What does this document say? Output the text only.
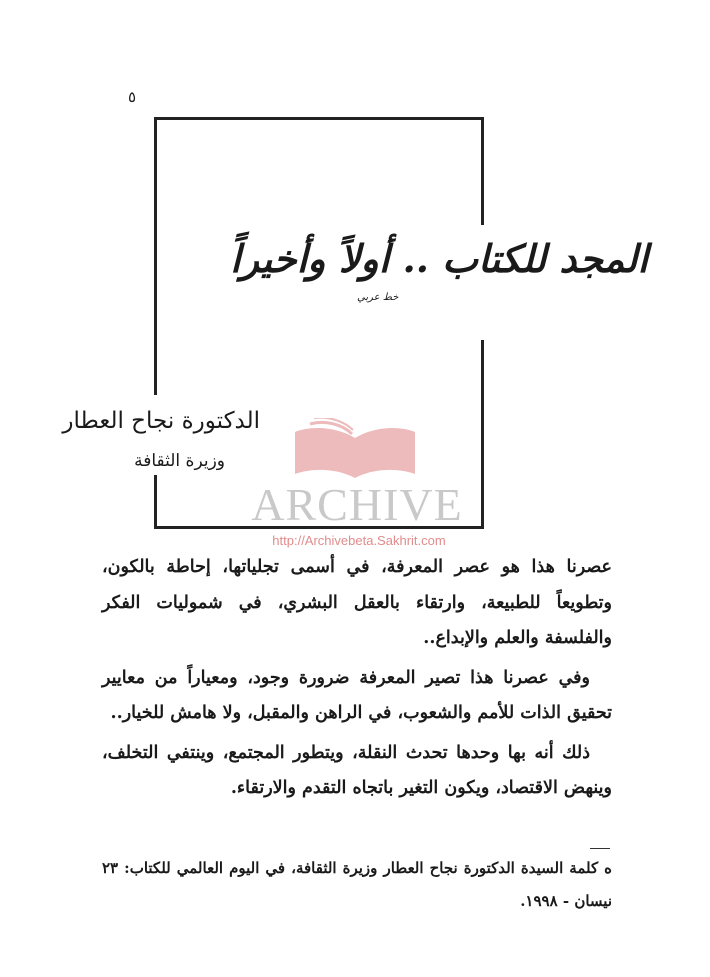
٥
المجد للكتاب .. أولاً وأخيراً
خط عربي
الدكتورة نجاح العطار
وزيرة الثقافة
ARCHIVE
http://Archivebeta.Sakhrit.com

عصرنا هذا هو عصر المعرفة، في أسمى تجلياتها، إحاطة بالكون، وتطويعاً للطبيعة، وارتقاء بالعقل البشري، في شموليات الفكر والفلسفة والعلم والإبداع..

وفي عصرنا هذا تصير المعرفة ضرورة وجود، ومعياراً من معايير تحقيق الذات للأمم والشعوب، في الراهن والمقبل، ولا هامش للخيار..

ذلك أنه بها وحدها تحدث النقلة، ويتطور المجتمع، وينتفي التخلف، وينهض الاقتصاد، ويكون التغير باتجاه التقدم والارتقاء.

ه كلمة السيدة الدكتورة نجاح العطار وزيرة الثقافة، في اليوم العالمي للكتاب: ٢٣ نيسان - ١٩٩٨.
